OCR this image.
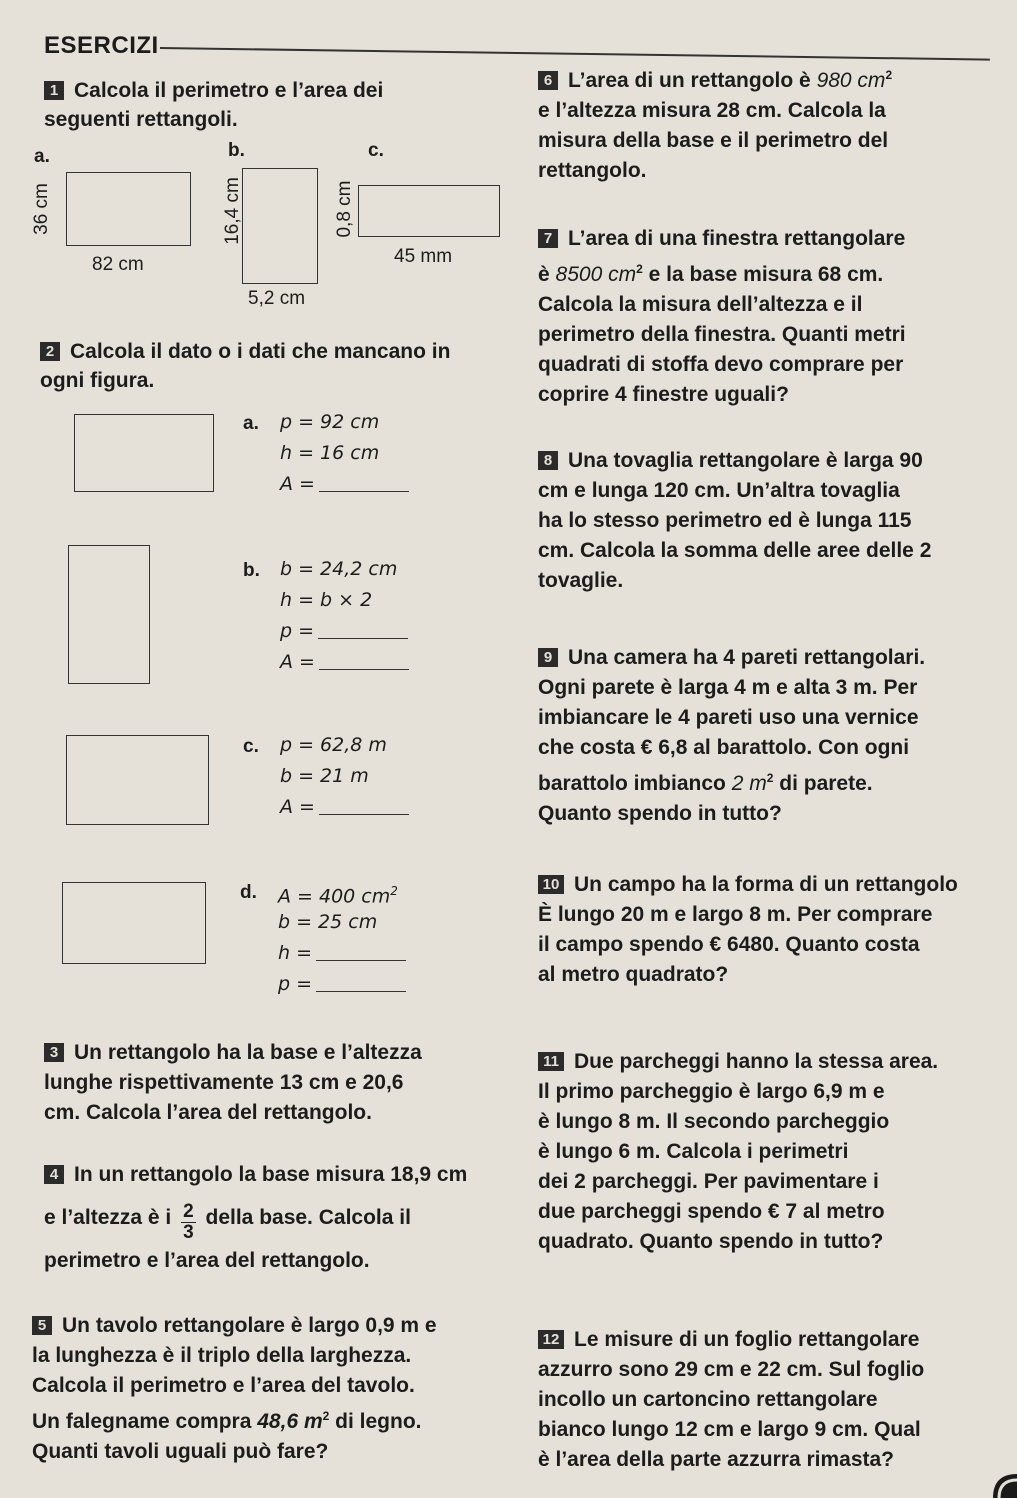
ESERCIZI
1 Calcola il perimetro e l’area dei
seguenti rettangoli.
a.	b.	c.
36 cm
82 cm
16,4 cm
5,2 cm
0,8 cm
45 mm
2 Calcola il dato o i dati che mancano in
ogni figura.
a. p = 92 cm
h = 16 cm
A =
b. b = 24,2 cm
h = b × 2
p =
A =
c. p = 62,8 m
b = 21 m
A =
d. A = 400 $cm^2$
b = 25 cm
h =
p =
3 Un rettangolo ha la base e l’altezza
lunghe rispettivamente 13 cm e 20,6
cm. Calcola l’area del rettangolo.
4 In un rettangolo la base misura 18,9 cm
e l’altezza è i $\frac{2}{3}$ della base. Calcola il
perimetro e l’area del rettangolo.
5 Un tavolo rettangolare è largo 0,9 m e
la lunghezza è il triplo della larghezza.
Calcola il perimetro e l’area del tavolo.
Un falegname compra 48,6 $m^2$ di legno.
Quanti tavoli uguali può fare?
6 L’area di un rettangolo è 980 $cm^2$
e l’altezza misura 28 cm. Calcola la
misura della base e il perimetro del
rettangolo.
7 L’area di una finestra rettangolare
è 8500 $cm^2$ e la base misura 68 cm.
Calcola la misura dell’altezza e il
perimetro della finestra. Quanti metri
quadrati di stoffa devo comprare per
coprire 4 finestre uguali?
8 Una tovaglia rettangolare è larga 90
cm e lunga 120 cm. Un’altra tovaglia
ha lo stesso perimetro ed è lunga 115
cm. Calcola la somma delle aree delle 2
tovaglie.
9 Una camera ha 4 pareti rettangolari.
Ogni parete è larga 4 m e alta 3 m. Per
imbiancare le 4 pareti uso una vernice
che costa € 6,8 al barattolo. Con ogni
barattolo imbianco 2 $m^2$ di parete.
Quanto spendo in tutto?
10 Un campo ha la forma di un rettangolo
È lungo 20 m e largo 8 m. Per comprare
il campo spendo € 6480. Quanto costa
al metro quadrato?
11 Due parcheggi hanno la stessa area.
Il primo parcheggio è largo 6,9 m e
è lungo 8 m. Il secondo parcheggio
è lungo 6 m. Calcola i perimetri
dei 2 parcheggi. Per pavimentare i
due parcheggi spendo € 7 al metro
quadrato. Quanto spendo in tutto?
12 Le misure di un foglio rettangolare
azzurro sono 29 cm e 22 cm. Sul foglio
incollo un cartoncino rettangolare
bianco lungo 12 cm e largo 9 cm. Qual
è l’area della parte azzurra rimasta?
